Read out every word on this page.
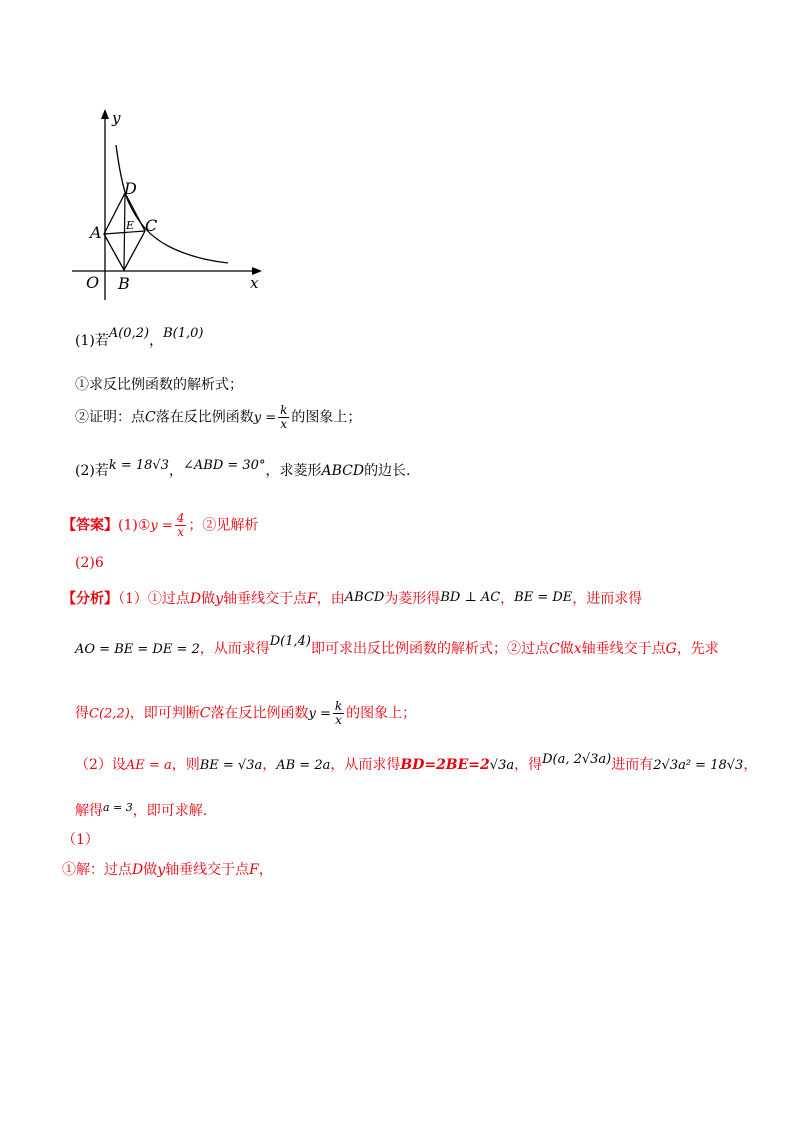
y
x
O
A
B
C
D
E
(1)若A(0,2)，B(1,0)
①求反比例函数的解析式；
②证明：点C落在反比例函数$y = \frac{k}{x}$ 的图象上；
(2)若k = 18√3，∠ABD = 30°，求菱形ABCD的边长.
【答案】(1)①y = $\frac{4}{x}$ ；②见解析
(2)6
【分析】（1）①过点D做y轴垂线交于点F，由ABCD为菱形得BD ⊥ AC，BE = DE，进而求得
AO = BE = DE = 2，从而求得D(1,4)即可求出反比例函数的解析式；②过点C做x轴垂线交于点G，先求
得C(2,2)，即可判断C落在反比例函数$y = \frac{k}{x}$ 的图象上；
（2）设AE = a，则BE = √3a，AB = 2a，从而求得BD=2BE=2√3a，得D(a, 2√3a)进而有2√3a² = 18√3，
解得$^{a = 3}$，即可求解.
（1）
①解：过点D做y轴垂线交于点F，
